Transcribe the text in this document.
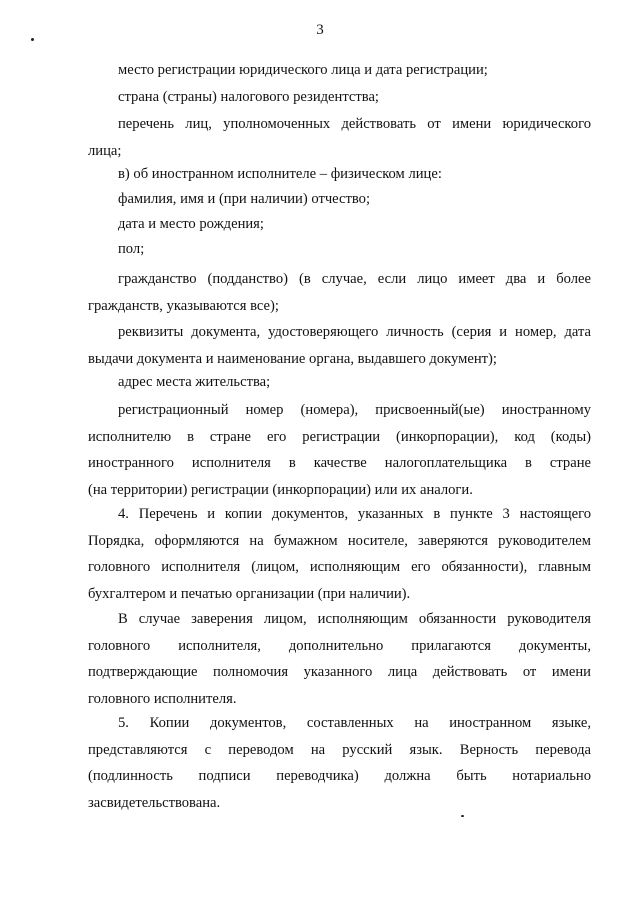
3

место регистрации юридического лица и дата регистрации;

страна (страны) налогового резидентства;

перечень лиц, уполномоченных действовать от имени юридического
лица;

в) об иностранном исполнителе – физическом лице:

фамилия, имя и (при наличии) отчество;

дата и место рождения;

пол;

гражданство (подданство) (в случае, если лицо имеет два и более
гражданств, указываются все);

реквизиты документа, удостоверяющего личность (серия и номер, дата
выдачи документа и наименование органа, выдавшего документ);

адрес места жительства;

регистрационный номер (номера), присвоенный(ые) иностранному
исполнителю в стране его регистрации (инкорпорации), код (коды)
иностранного исполнителя в качестве налогоплательщика в стране
(на территории) регистрации (инкорпорации) или их аналоги.

4. Перечень и копии документов, указанных в пункте 3 настоящего
Порядка, оформляются на бумажном носителе, заверяются руководителем
головного исполнителя (лицом, исполняющим его обязанности), главным
бухгалтером и печатью организации (при наличии).

В случае заверения лицом, исполняющим обязанности руководителя
головного исполнителя, дополнительно прилагаются документы,
подтверждающие полномочия указанного лица действовать от имени
головного исполнителя.

5. Копии документов, составленных на иностранном языке,
представляются с переводом на русский язык. Верность перевода
(подлинность подписи переводчика) должна быть нотариально
засвидетельствована.
